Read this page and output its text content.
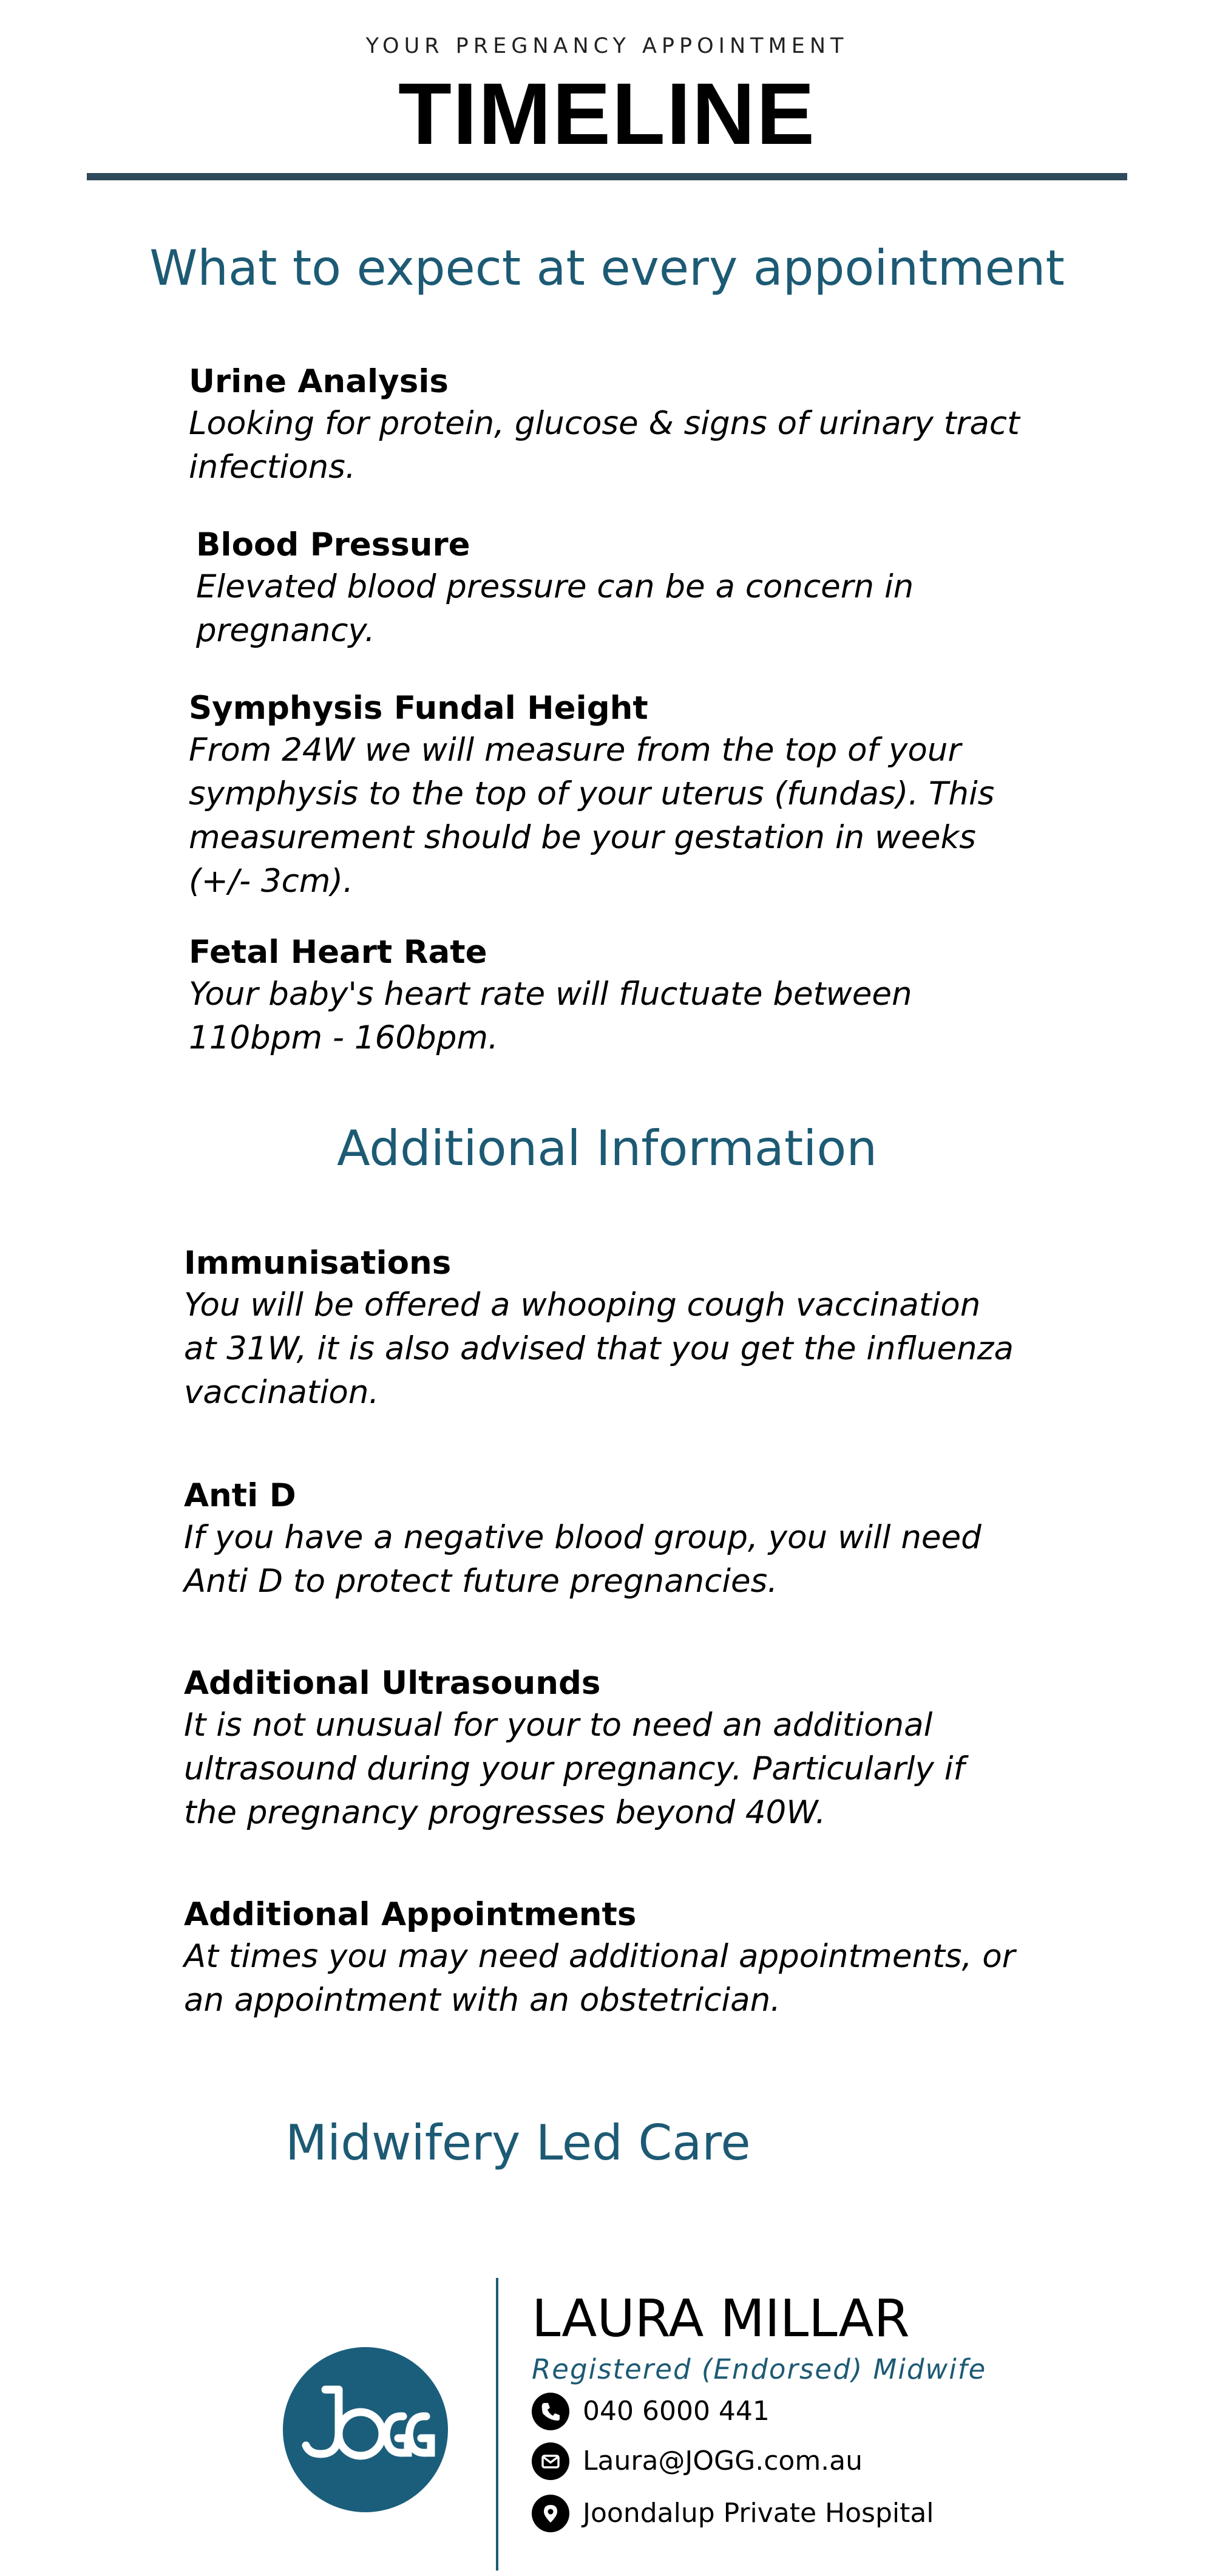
YOUR PREGNANCY APPOINTMENT
TIMELINE
What to expect at every appointment
Urine Analysis
Looking for protein, glucose & signs of urinary tract
infections.
Blood Pressure
Elevated blood pressure can be a concern in
pregnancy.
Symphysis Fundal Height
From 24W we will measure from the top of your
symphysis to the top of your uterus (fundas). This
measurement should be your gestation in weeks
(+/- 3cm).
Fetal Heart Rate
Your baby's heart rate will fluctuate between
110bpm - 160bpm.
Additional Information
Immunisations
You will be offered a whooping cough vaccination
at 31W, it is also advised that you get the influenza
vaccination.
Anti D
If you have a negative blood group, you will need
Anti D to protect future pregnancies.
Additional Ultrasounds
It is not unusual for your to need an additional
ultrasound during your pregnancy. Particularly if
the pregnancy progresses beyond 40W.
Additional Appointments
At times you may need additional appointments, or
an appointment with an obstetrician.
Midwifery Led Care
LAURA MILLAR
Registered (Endorsed) Midwife
040 6000 441
Laura@JOGG.com.au
Joondalup Private Hospital
